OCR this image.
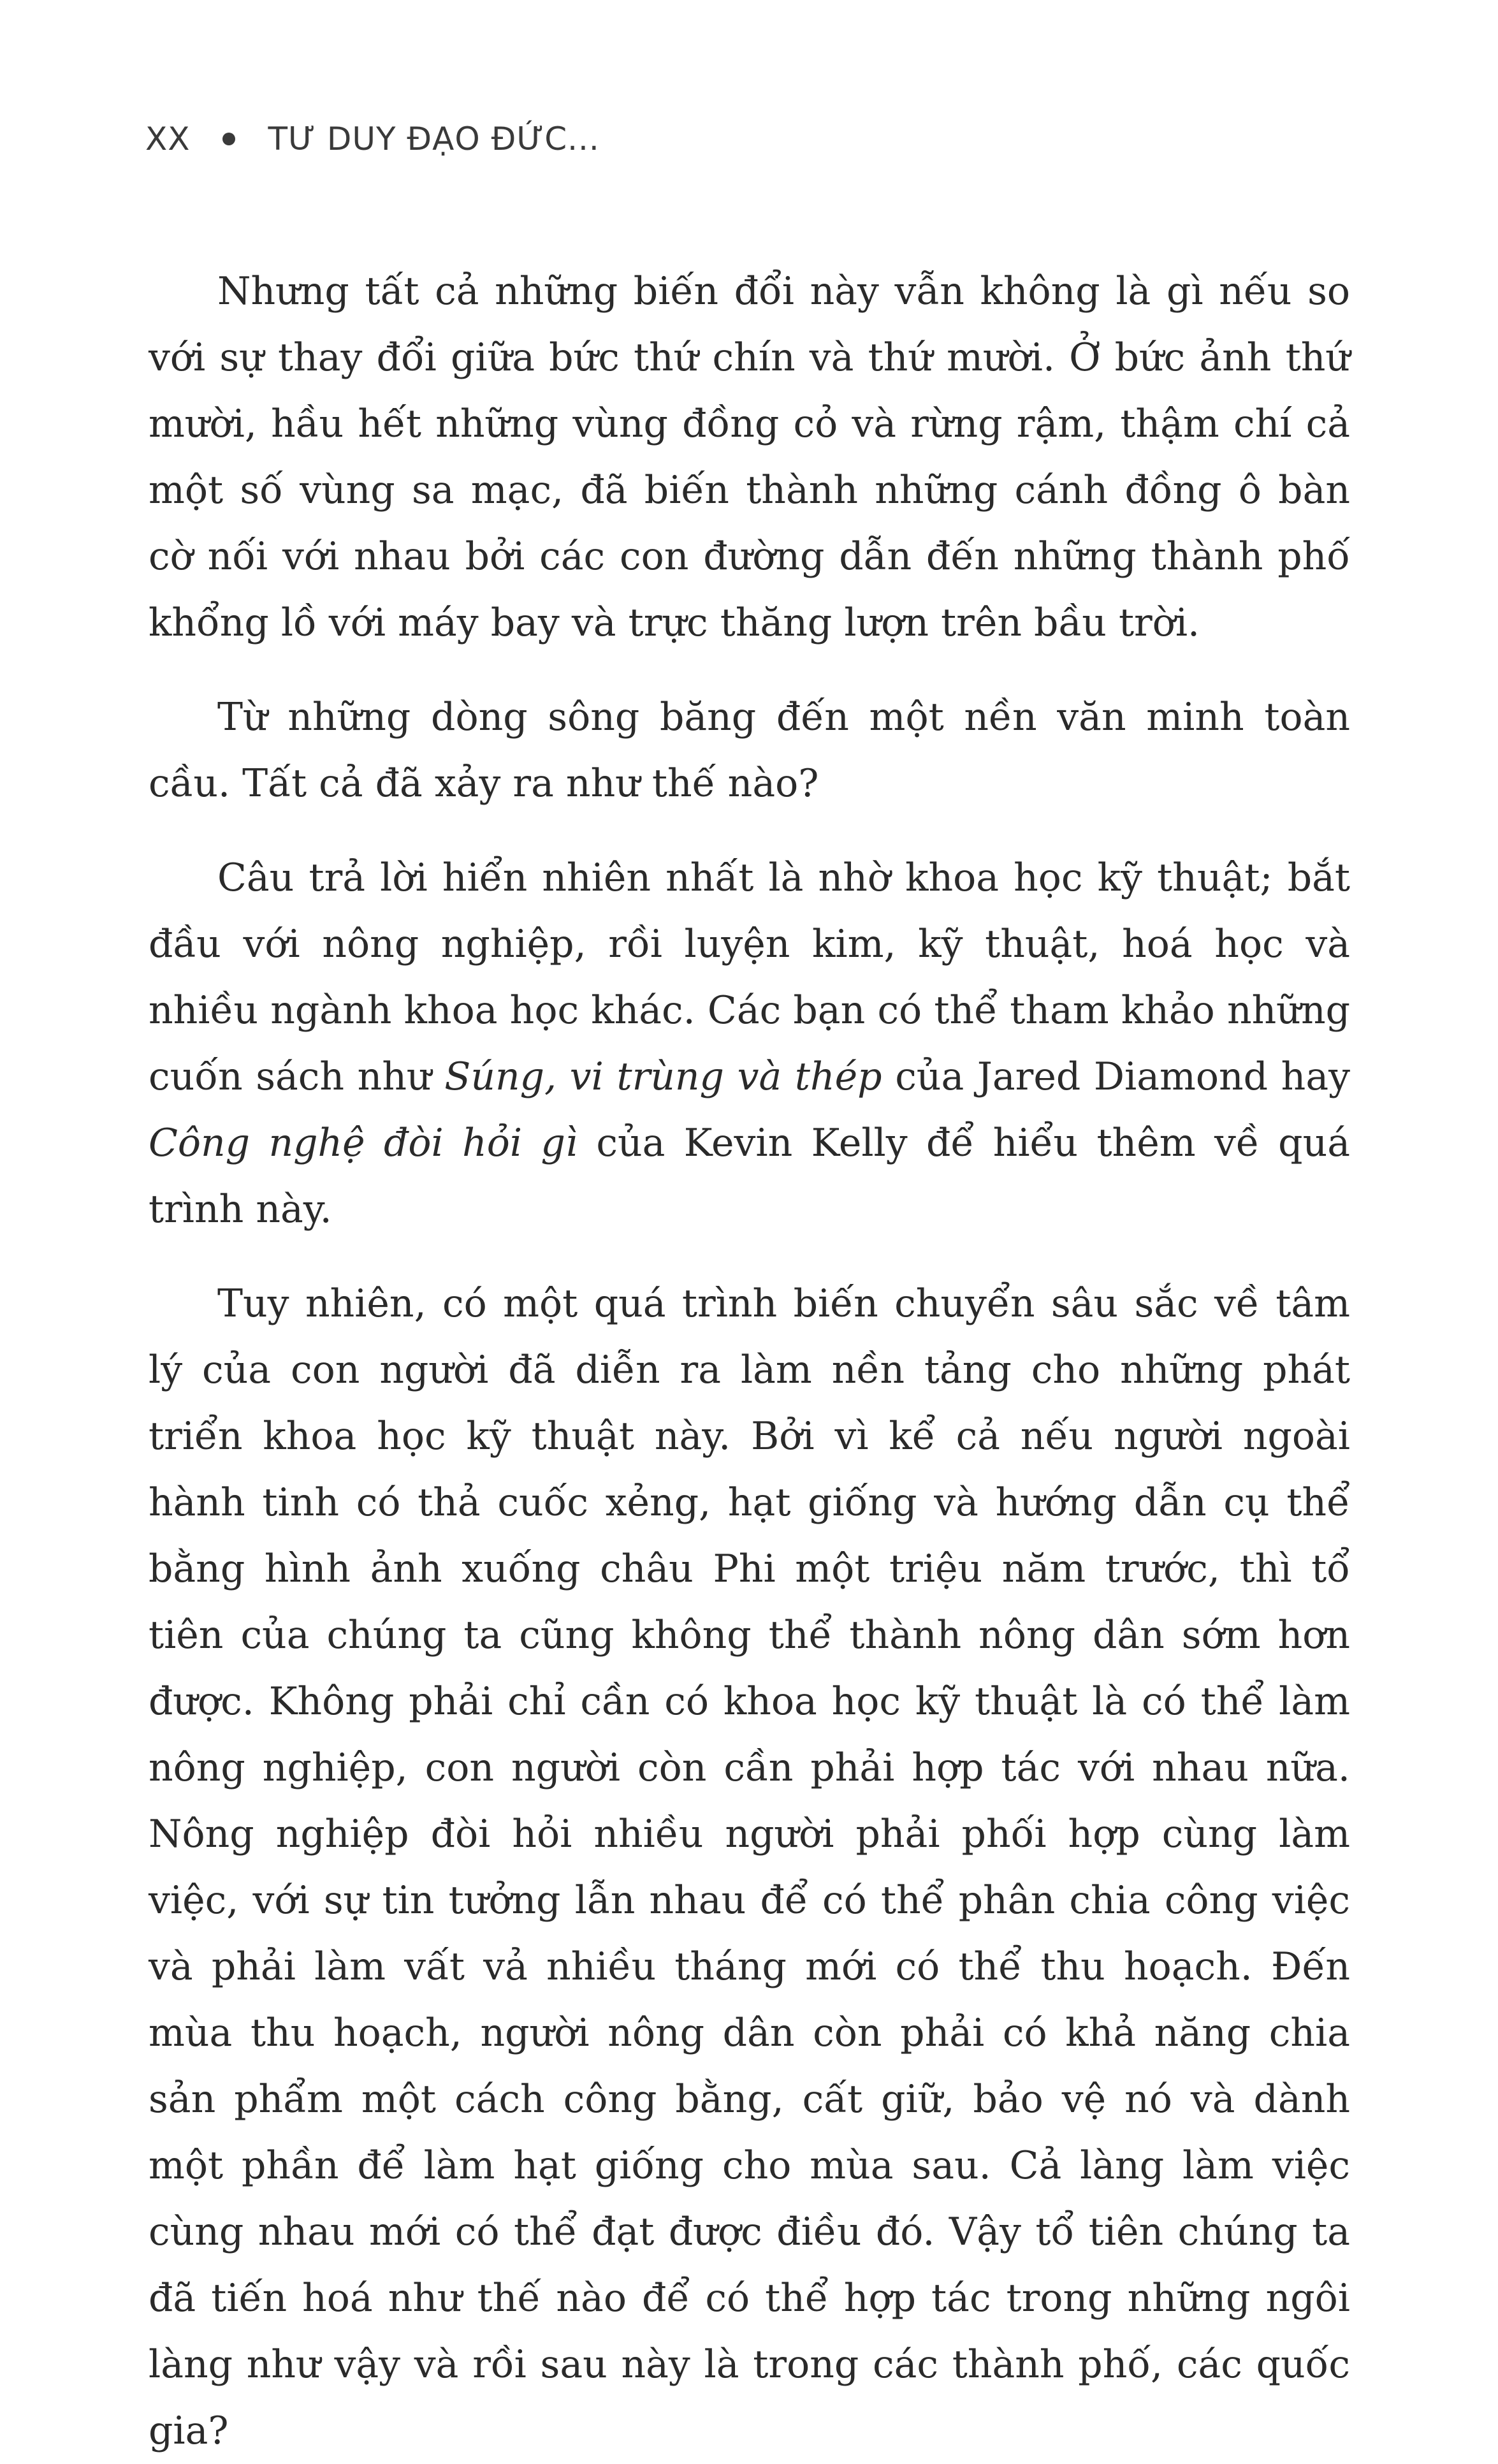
XX TƯ DUY ĐẠO ĐỨC...

Nhưng tất cả những biến đổi này vẫn không là gì nếu so với sự thay đổi giữa bức thứ chín và thứ mười. Ở bức ảnh thứ mười, hầu hết những vùng đồng cỏ và rừng rậm, thậm chí cả một số vùng sa mạc, đã biến thành những cánh đồng ô bàn cờ nối với nhau bởi các con đường dẫn đến những thành phố khổng lồ với máy bay và trực thăng lượn trên bầu trời.

Từ những dòng sông băng đến một nền văn minh toàn cầu. Tất cả đã xảy ra như thế nào?

Câu trả lời hiển nhiên nhất là nhờ khoa học kỹ thuật; bắt đầu với nông nghiệp, rồi luyện kim, kỹ thuật, hoá học và nhiều ngành khoa học khác. Các bạn có thể tham khảo những cuốn sách như Súng, vi trùng và thép của Jared Diamond hay Công nghệ đòi hỏi gì của Kevin Kelly để hiểu thêm về quá trình này.

Tuy nhiên, có một quá trình biến chuyển sâu sắc về tâm lý của con người đã diễn ra làm nền tảng cho những phát triển khoa học kỹ thuật này. Bởi vì kể cả nếu người ngoài hành tinh có thả cuốc xẻng, hạt giống và hướng dẫn cụ thể bằng hình ảnh xuống châu Phi một triệu năm trước, thì tổ tiên của chúng ta cũng không thể thành nông dân sớm hơn được. Không phải chỉ cần có khoa học kỹ thuật là có thể làm nông nghiệp, con người còn cần phải hợp tác với nhau nữa. Nông nghiệp đòi hỏi nhiều người phải phối hợp cùng làm việc, với sự tin tưởng lẫn nhau để có thể phân chia công việc và phải làm vất vả nhiều tháng mới có thể thu hoạch. Đến mùa thu hoạch, người nông dân còn phải có khả năng chia sản phẩm một cách công bằng, cất giữ, bảo vệ nó và dành một phần để làm hạt giống cho mùa sau. Cả làng làm việc cùng nhau mới có thể đạt được điều đó. Vậy tổ tiên chúng ta đã tiến hoá như thế nào để có thể hợp tác trong những ngôi làng như vậy và rồi sau này là trong các thành phố, các quốc gia?
